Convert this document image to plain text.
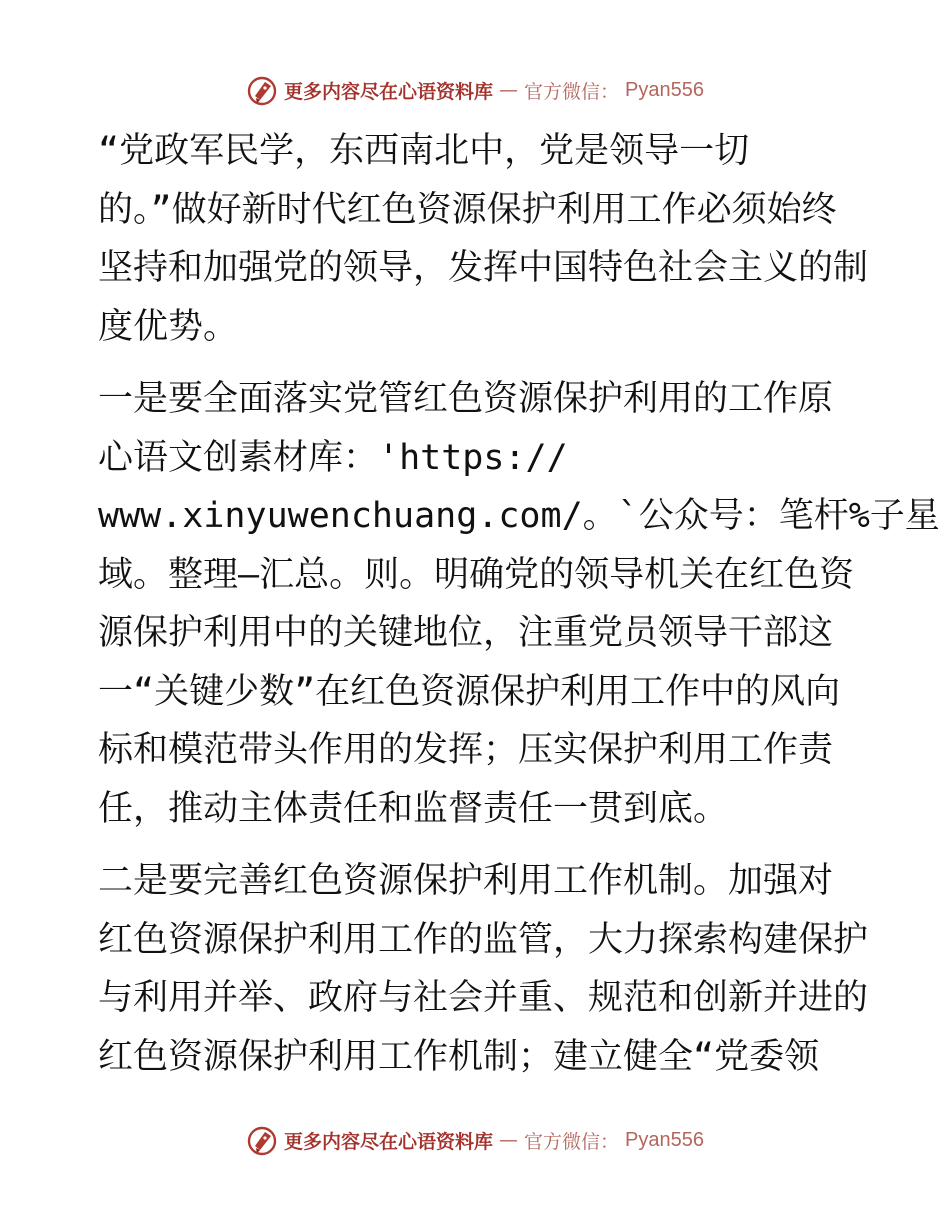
更多内容尽在心语资料库 — 官方微信： Pyan556

“党政军民学，东西南北中，党是领导一切
的。”做好新时代红色资源保护利用工作必须始终
坚持和加强党的领导，发挥中国特色社会主义的制
度优势。

一是要全面落实党管红色资源保护利用的工作原
心语文创素材库：'https://
www.xinyuwenchuang.com/。`公众号：笔杆%子星
域。整理—汇总。则。明确党的领导机关在红色资
源保护利用中的关键地位，注重党员领导干部这
一“关键少数”在红色资源保护利用工作中的风向
标和模范带头作用的发挥；压实保护利用工作责
任，推动主体责任和监督责任一贯到底。

二是要完善红色资源保护利用工作机制。加强对
红色资源保护利用工作的监管，大力探索构建保护
与利用并举、政府与社会并重、规范和创新并进的
红色资源保护利用工作机制；建立健全“党委领

更多内容尽在心语资料库 — 官方微信： Pyan556
